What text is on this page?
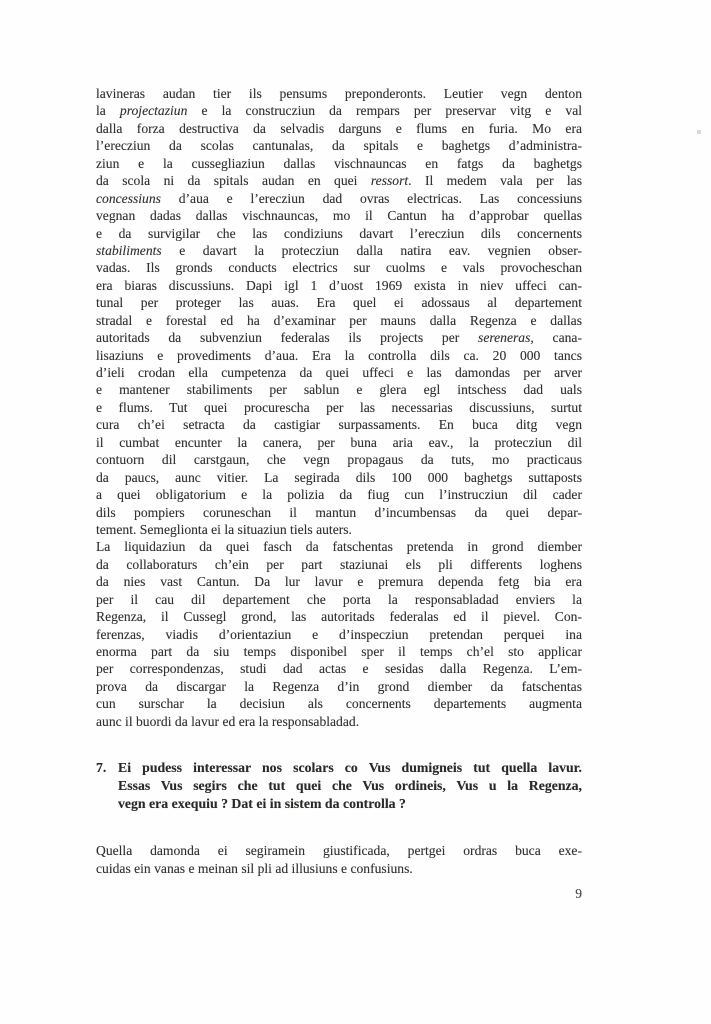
lavineras audan tier ils pensums preponderonts. Leutier vegn denton
la projectaziun e la construcziun da rempars per preservar vitg e val
dalla forza destructiva da selvadis darguns e flums en furia. Mo era
l’erecziun da scolas cantunalas, da spitals e baghetgs d’administra-
ziun e la cussegliaziun dallas vischnauncas en fatgs da baghetgs
da scola ni da spitals audan en quei ressort. Il medem vala per las
concessiuns d’aua e l’erecziun dad ovras electricas. Las concessiuns
vegnan dadas dallas vischnauncas, mo il Cantun ha d’approbar quellas
e da survigilar che las condiziuns davart l’erecziun dils concernents
stabiliments e davart la protecziun dalla natira eav. vegnien obser-
vadas. Ils gronds conducts electrics sur cuolms e vals provocheschan
era biaras discussiuns. Dapi igl 1 d’uost 1969 exista in niev uffeci can-
tunal per proteger las auas. Era quel ei adossaus al departement
stradal e forestal ed ha d’examinar per mauns dalla Regenza e dallas
autoritads da subvenziun federalas ils projects per sereneras, cana-
lisaziuns e provediments d’aua. Era la controlla dils ca. 20 000 tancs
d’ieli crodan ella cumpetenza da quei uffeci e las damondas per arver
e mantener stabiliments per sablun e glera egl intschess dad uals
e flums. Tut quei procurescha per las necessarias discussiuns, surtut
cura ch’ei setracta da castigiar surpassaments. En buca ditg vegn
il cumbat encunter la canera, per buna aria eav., la protecziun dil
contuorn dil carstgaun, che vegn propagaus da tuts, mo practicaus
da paucs, aunc vitier. La segirada dils 100 000 baghetgs suttaposts
a quei obligatorium e la polizia da fiug cun l’instrucziun dil cader
dils pompiers coruneschan il mantun d’incumbensas da quei depar-
tement. Semeglionta ei la situaziun tiels auters.
La liquidaziun da quei fasch da fatschentas pretenda in grond diember
da collaboraturs ch’ein per part staziunai els pli differents loghens
da nies vast Cantun. Da lur lavur e premura dependa fetg bia era
per il cau dil departement che porta la responsabladad enviers la
Regenza, il Cussegl grond, las autoritads federalas ed il pievel. Con-
ferenzas, viadis d’orientaziun e d’inspecziun pretendan perquei ina
enorma part da siu temps disponibel sper il temps ch’el sto applicar
per correspondenzas, studi dad actas e sesidas dalla Regenza. L’em-
prova da discargar la Regenza d’in grond diember da fatschentas
cun surschar la decisiun als concernents departements augmenta
aunc il buordi da lavur ed era la responsabladad.
7. Ei pudess interessar nos scolars co Vus dumigneis tut quella lavur.
Essas Vus segirs che tut quei che Vus ordineis, Vus u la Regenza,
vegn era exequiu ? Dat ei in sistem da controlla ?
Quella damonda ei segiramein giustificada, pertgei ordras buca exe-
cuidas ein vanas e meinan sil pli ad illusiuns e confusiuns.
9
